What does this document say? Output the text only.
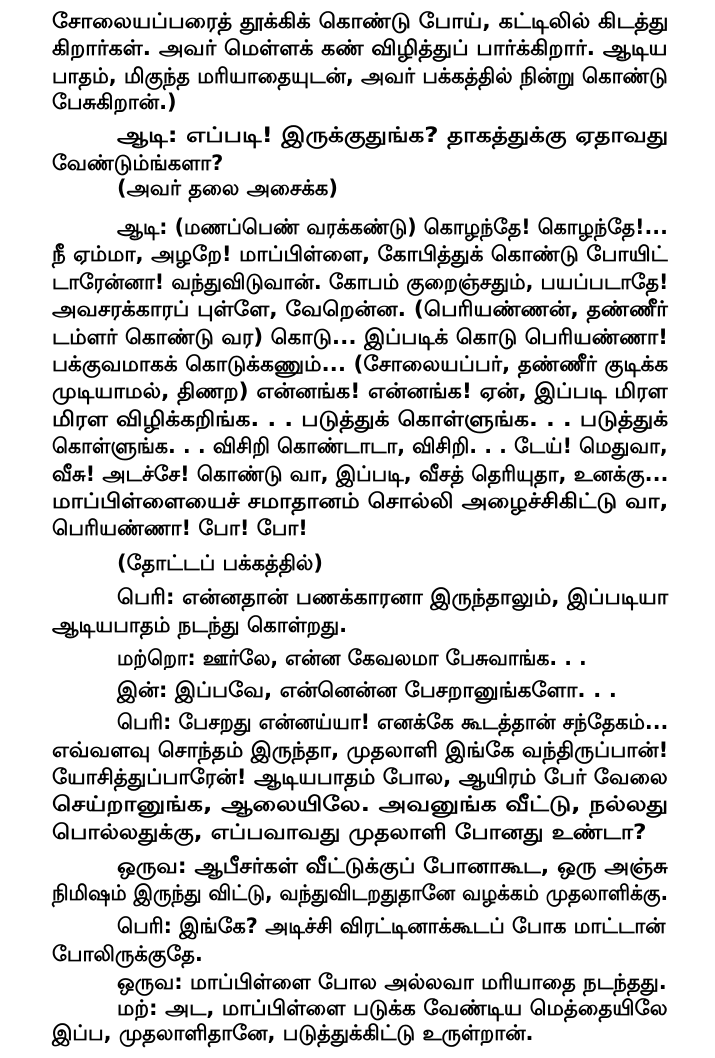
சோலையப்பரைத் தூக்கிக் கொண்டு போய், கட்டிலில் கிடத்து
கிறார்கள். அவர் மெள்ளக் கண் விழித்துப் பார்க்கிறார். ஆடிய
பாதம், மிகுந்த மரியாதையுடன், அவர் பக்கத்தில் நின்று கொண்டு
பேசுகிறான்.)
ஆடி: எப்படி! இருக்குதுங்க? தாகத்துக்கு ஏதாவது
வேண்டும்ங்களா?
(அவர் தலை அசைக்க)
ஆடி: (மணப்பெண் வரக்கண்டு) கொழந்தே! கொழந்தே!...
நீ ஏம்மா, அழறே! மாப்பிள்ளை, கோபித்துக் கொண்டு போயிட்
டாரேன்னா! வந்துவிடுவான். கோபம் குறைஞ்சதும், பயப்படாதே!
அவசரக்காரப் புள்ளே, வேறென்ன. (பெரியண்ணன், தண்ணீர்
டம்ளர் கொண்டு வர) கொடு... இப்படிக் கொடு பெரியண்ணா!
பக்குவமாகக் கொடுக்கணும்... (சோலையப்பர், தண்ணீர் குடிக்க
முடியாமல், திணற) என்னங்க! என்னங்க! ஏன், இப்படி மிரள
மிரள விழிக்கறிங்க. . . படுத்துக் கொள்ளுங்க. . . படுத்துக்
கொள்ளுங்க. . . விசிறி கொண்டாடா, விசிறி. . . டேய்! மெதுவா,
வீசு! அடச்சே! கொண்டு வா, இப்படி, வீசத் தெரியுதா, உனக்கு...
மாப்பிள்ளையைச் சமாதானம் சொல்லி அழைச்சிகிட்டு வா,
பெரியண்ணா! போ! போ!
(தோட்டப் பக்கத்தில்)
பெரி: என்னதான் பணக்காரனா இருந்தாலும், இப்படியா
ஆடியபாதம் நடந்து கொள்றது.
மற்றொ: ஊர்லே, என்ன கேவலமா பேசுவாங்க. . .
இன்: இப்பவே, என்னென்ன பேசறானுங்களோ. . .
பெரி: பேசறது என்னய்யா! எனக்கே கூடத்தான் சந்தேகம்...
எவ்வளவு சொந்தம் இருந்தா, முதலாளி இங்கே வந்திருப்பான்!
யோசித்துப்பாரேன்! ஆடியபாதம் போல, ஆயிரம் பேர் வேலை
செய்றானுங்க, ஆலையிலே. அவனுங்க வீட்டு, நல்லது
பொல்லதுக்கு, எப்பவாவது முதலாளி போனது உண்டா?
ஒருவ: ஆபீசர்கள் வீட்டுக்குப் போனாகூட, ஒரு அஞ்சு
நிமிஷம் இருந்து விட்டு, வந்துவிடறதுதானே வழக்கம் முதலாளிக்கு.
பெரி: இங்கே? அடிச்சி விரட்டினாக்கூடப் போக மாட்டான்
போலிருக்குதே.
ஒருவ: மாப்பிள்ளை போல அல்லவா மரியாதை நடந்தது.
மற்: அட, மாப்பிள்ளை படுக்க வேண்டிய மெத்தையிலே
இப்ப, முதலாளிதானே, படுத்துக்கிட்டு உருள்றான்.
